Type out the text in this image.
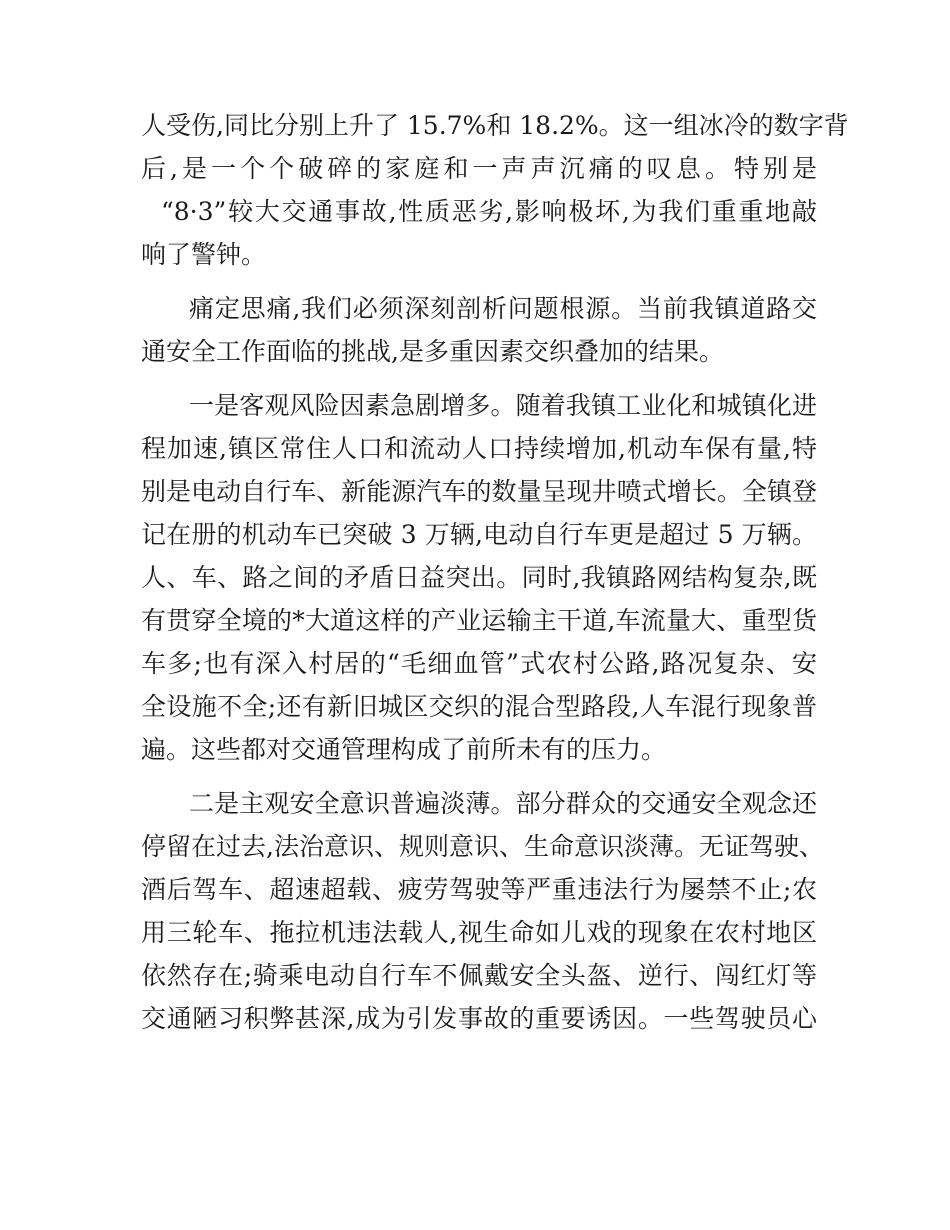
人受伤,同比分别上升了 15.7%和 18.2%。这一组冰冷的数字背
后,是一个个破碎的家庭和一声声沉痛的叹息。特别是
“8·3”较大交通事故,性质恶劣,影响极坏,为我们重重地敲
响了警钟。
痛定思痛,我们必须深刻剖析问题根源。当前我镇道路交
通安全工作面临的挑战,是多重因素交织叠加的结果。
一是客观风险因素急剧增多。随着我镇工业化和城镇化进
程加速,镇区常住人口和流动人口持续增加,机动车保有量,特
别是电动自行车、新能源汽车的数量呈现井喷式增长。全镇登
记在册的机动车已突破 3 万辆,电动自行车更是超过 5 万辆。
人、车、路之间的矛盾日益突出。同时,我镇路网结构复杂,既
有贯穿全境的*大道这样的产业运输主干道,车流量大、重型货
车多;也有深入村居的“毛细血管”式农村公路,路况复杂、安
全设施不全;还有新旧城区交织的混合型路段,人车混行现象普
遍。这些都对交通管理构成了前所未有的压力。
二是主观安全意识普遍淡薄。部分群众的交通安全观念还
停留在过去,法治意识、规则意识、生命意识淡薄。无证驾驶、
酒后驾车、超速超载、疲劳驾驶等严重违法行为屡禁不止;农
用三轮车、拖拉机违法载人,视生命如儿戏的现象在农村地区
依然存在;骑乘电动自行车不佩戴安全头盔、逆行、闯红灯等
交通陋习积弊甚深,成为引发事故的重要诱因。一些驾驶员心
